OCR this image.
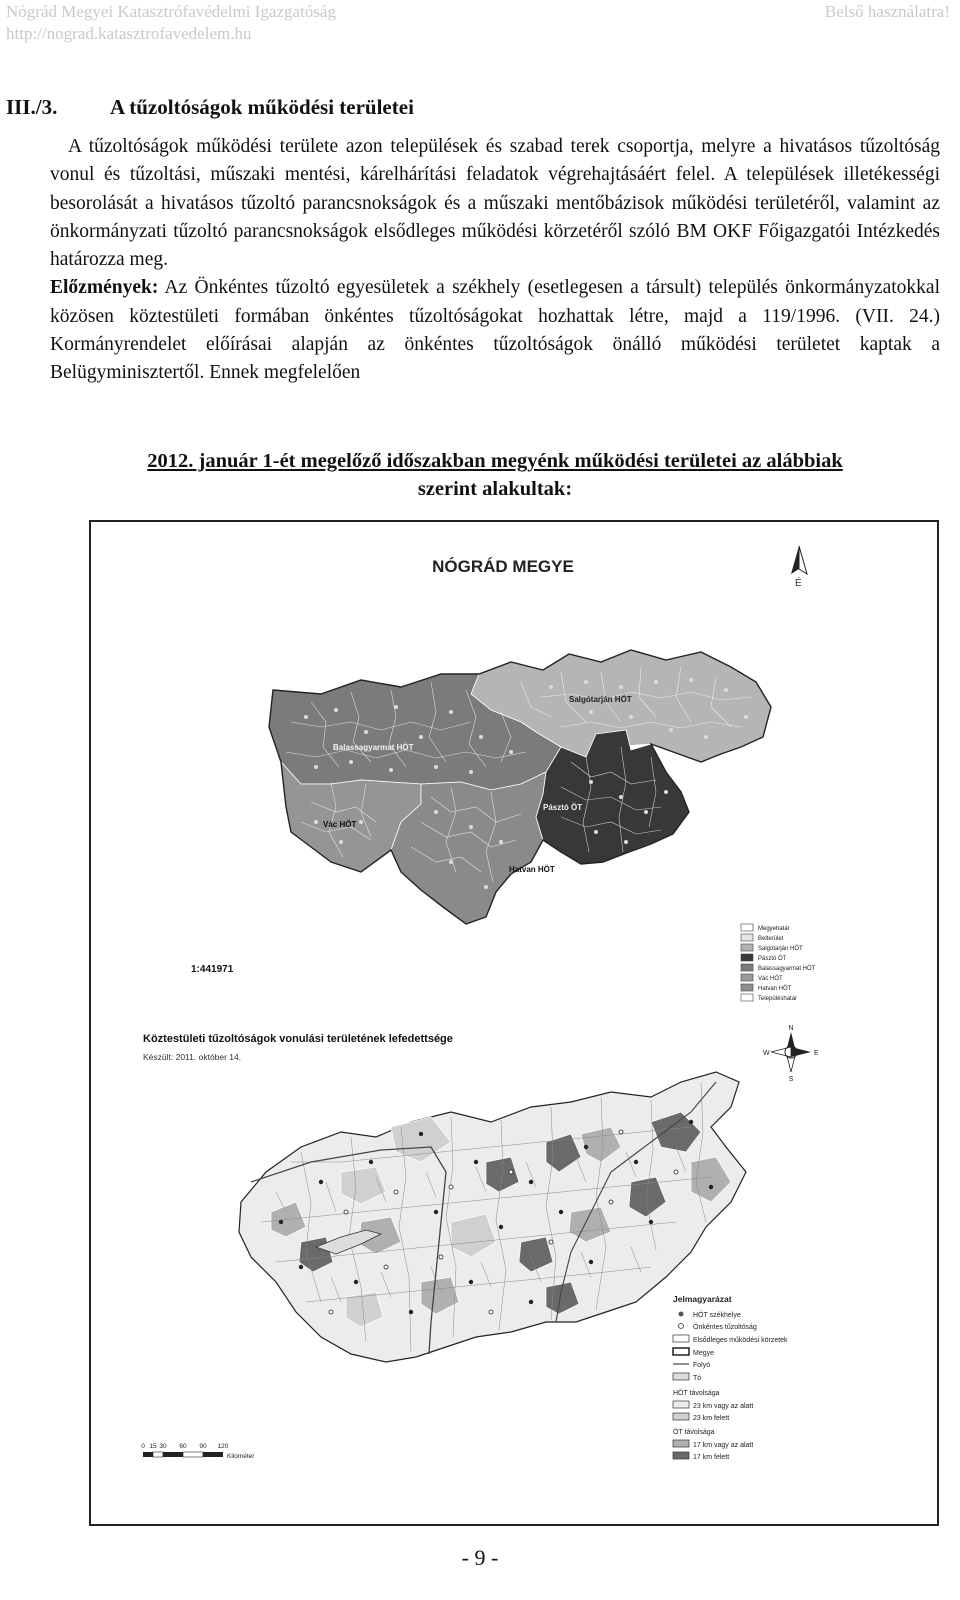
Nógrád Megyei Katasztrófavédelmi Igazgatóság
http://nograd.katasztrofavedelem.hu
Belső használatra!
III./3.	A tűzoltóságok működési területei

A tűzoltóságok működési területe azon települések és szabad terek csoportja, melyre a hivatásos tűzoltóság vonul és tűzoltási, műszaki mentési, kárelhárítási feladatok végrehajtásáért felel. A települések illetékességi besorolását a hivatásos tűzoltó parancsnokságok és a műszaki mentőbázisok működési területéről, valamint az önkormányzati tűzoltó parancsnokságok elsődleges működési körzetéről szóló BM OKF Főigazgatói Intézkedés határozza meg.

Előzmények: Az Önkéntes tűzoltó egyesületek a székhely (esetlegesen a társult) település önkormányzatokkal közösen köztestületi formában önkéntes tűzoltóságokat hozhattak létre, majd a 119/1996. (VII. 24.) Kormányrendelet előírásai alapján az önkéntes tűzoltóságok önálló működési területet kaptak a Belügyminisztertől. Ennek megfelelően

2012. január 1-ét megelőző időszakban megyénk működési területei az alábbiak
szerint alakultak:
NÓGRÁD MEGYE
É
Salgótarján HÖT
Balassagyarmat HÖT
Pásztó ÖT
Vác HÖT
Hatvan HÖT
1:441971
Megyehatár
Belterület
Salgótarján HÖT
Pásztó ÖT
Balassagyarmat HÖT
Vác HÖT
Hatvan HÖT
Településhatár
Köztestületi tűzoltóságok vonulási területének lefedettsége
Készült: 2011. október 14.
N
S
E
W
0 15 30 60 90 120
Kilométer
Jelmagyarázat
HÖT székhelye
Önkéntes tűzoltóság
Elsődleges működési körzetek
Megye
Folyó
Tó
HÖT távolsága
23 km vagy az alatt
23 km felett
ÖT távolsága
17 km vagy az alatt
17 km felett
- 9 -
